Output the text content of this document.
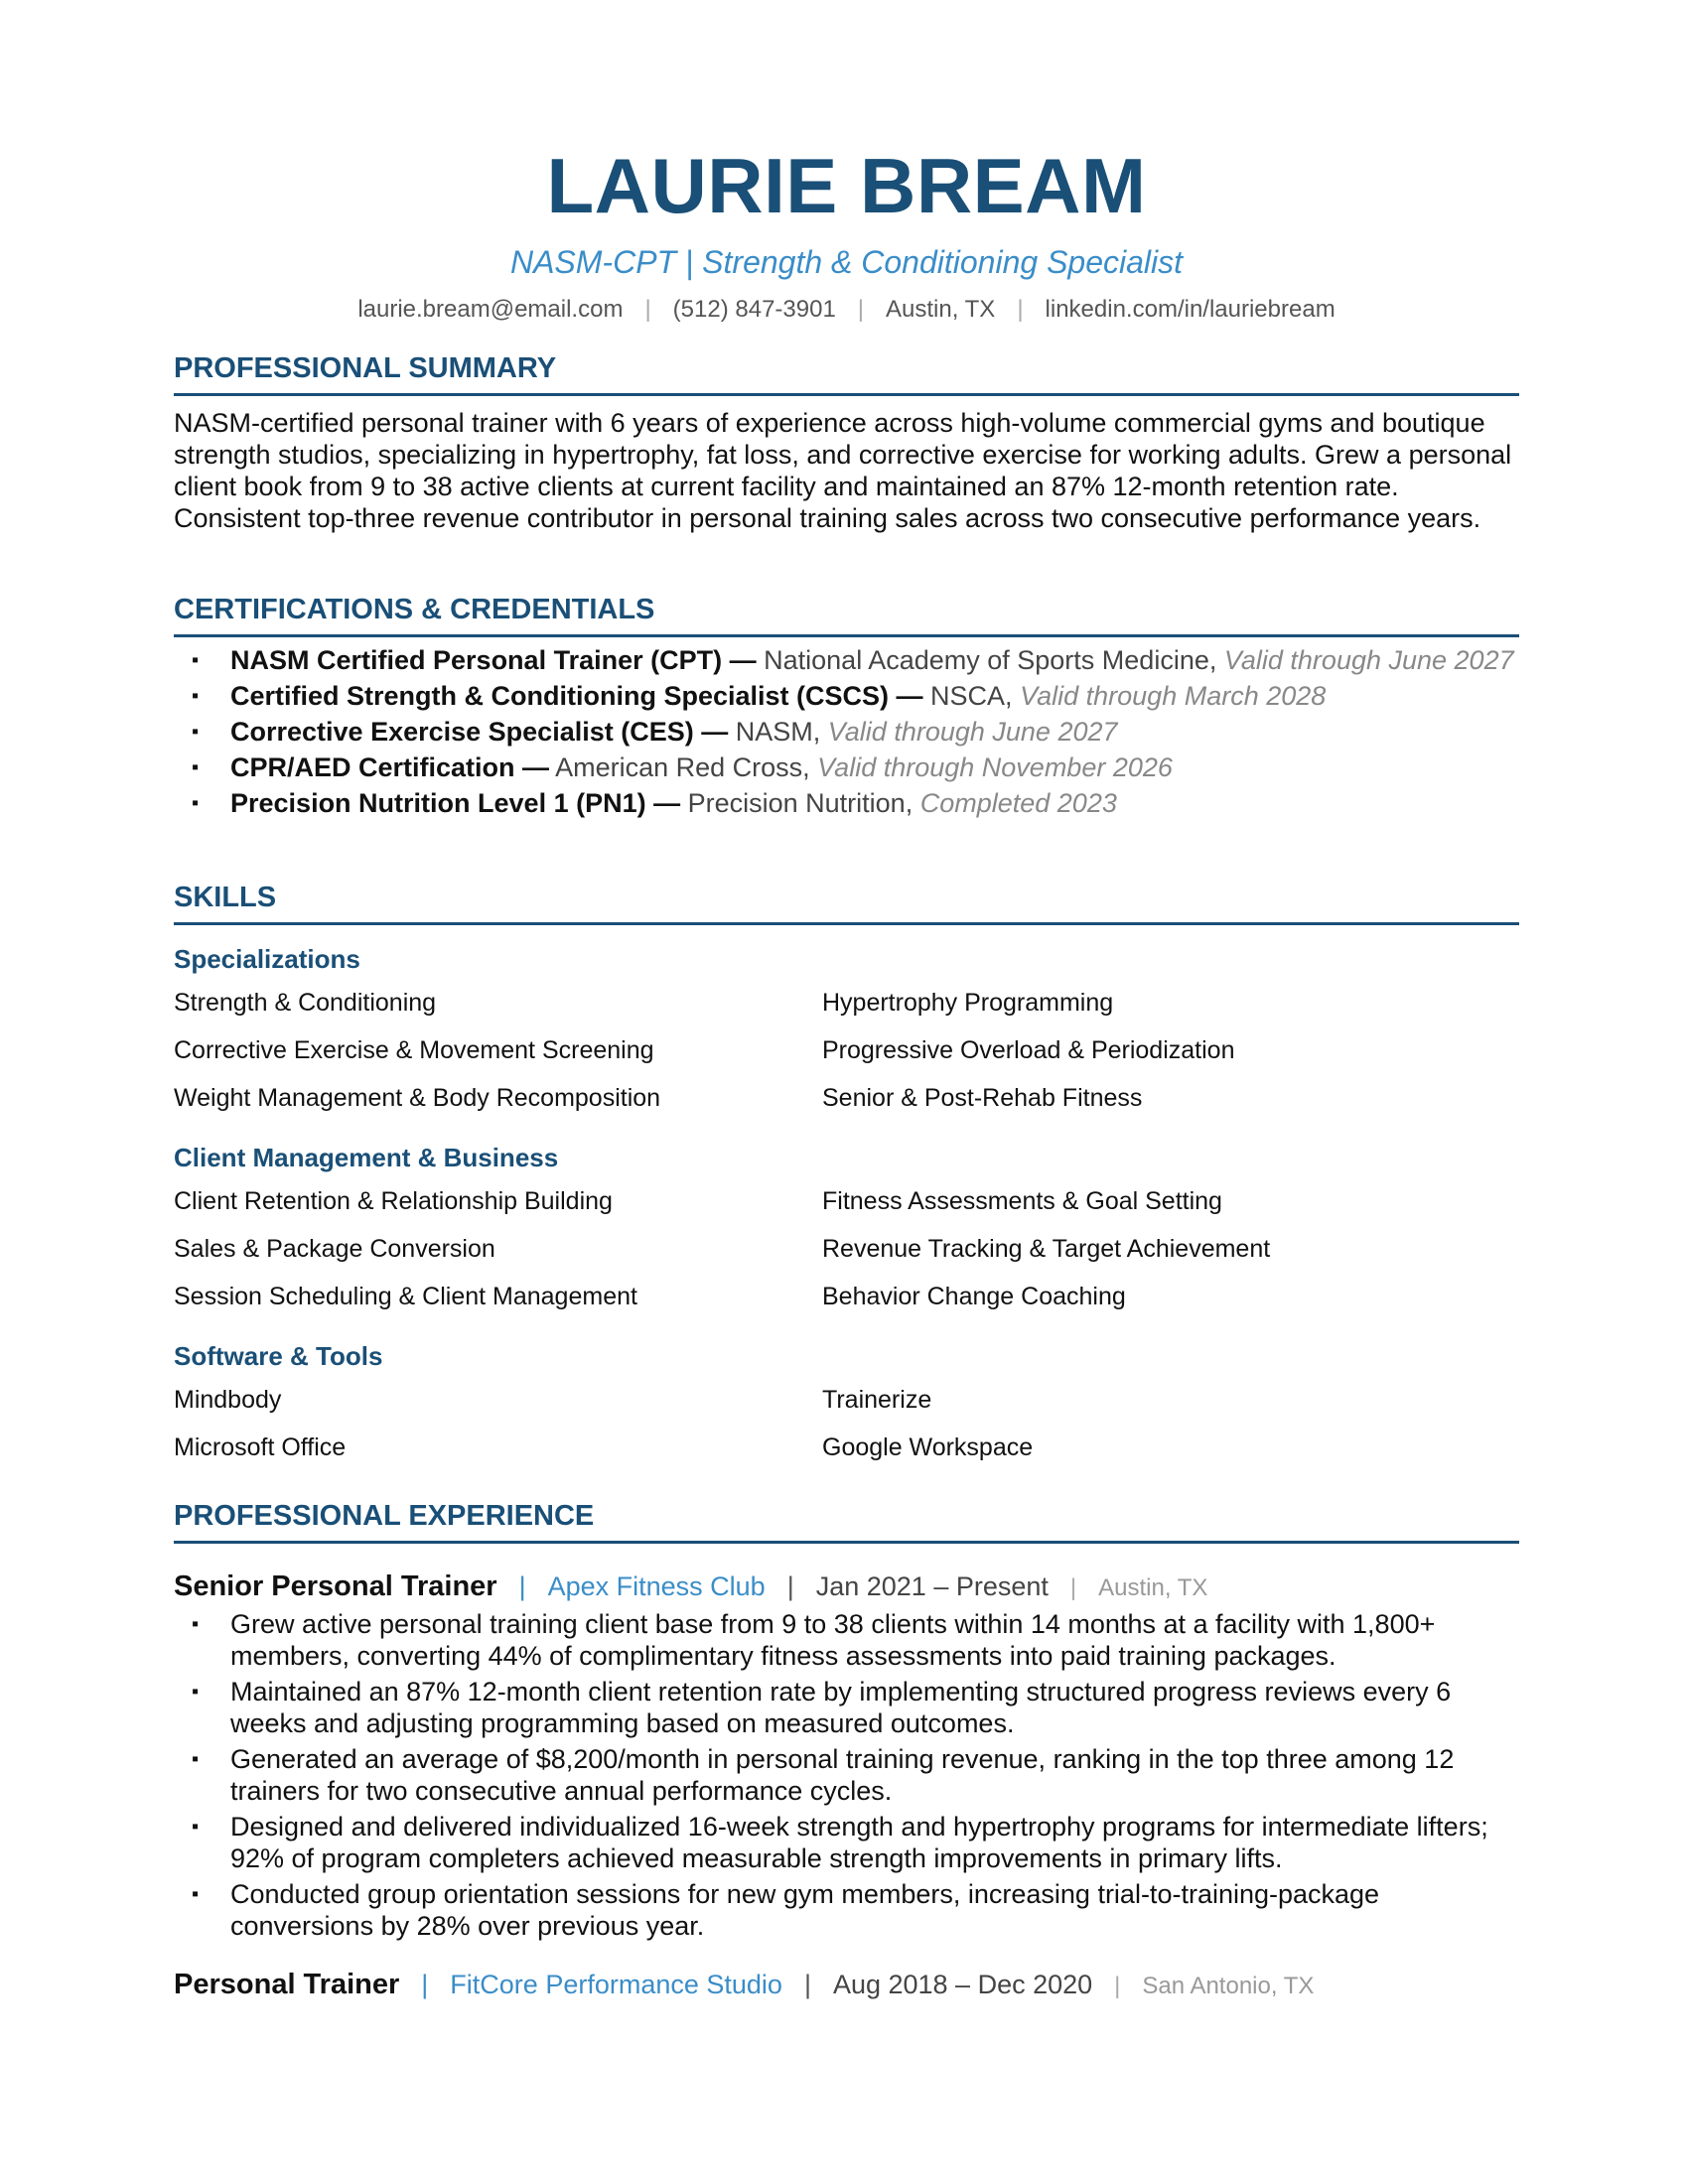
LAURIE BREAM
NASM-CPT | Strength & Conditioning Specialist
laurie.bream@email.com | (512) 847-3901 | Austin, TX | linkedin.com/in/lauriebream
PROFESSIONAL SUMMARY
NASM-certified personal trainer with 6 years of experience across high-volume commercial gyms and boutique strength studios, specializing in hypertrophy, fat loss, and corrective exercise for working adults. Grew a personal client book from 9 to 38 active clients at current facility and maintained an 87% 12-month retention rate. Consistent top-three revenue contributor in personal training sales across two consecutive performance years.
CERTIFICATIONS & CREDENTIALS
▪ NASM Certified Personal Trainer (CPT) — National Academy of Sports Medicine, Valid through June 2027
▪ Certified Strength & Conditioning Specialist (CSCS) — NSCA, Valid through March 2028
▪ Corrective Exercise Specialist (CES) — NASM, Valid through June 2027
▪ CPR/AED Certification — American Red Cross, Valid through November 2026
▪ Precision Nutrition Level 1 (PN1) — Precision Nutrition, Completed 2023
SKILLS
Specializations
Strength & Conditioning	Hypertrophy Programming
Corrective Exercise & Movement Screening	Progressive Overload & Periodization
Weight Management & Body Recomposition	Senior & Post-Rehab Fitness
Client Management & Business
Client Retention & Relationship Building	Fitness Assessments & Goal Setting
Sales & Package Conversion	Revenue Tracking & Target Achievement
Session Scheduling & Client Management	Behavior Change Coaching
Software & Tools
Mindbody	Trainerize
Microsoft Office	Google Workspace
PROFESSIONAL EXPERIENCE
Senior Personal Trainer | Apex Fitness Club | Jan 2021 – Present | Austin, TX
▪ Grew active personal training client base from 9 to 38 clients within 14 months at a facility with 1,800+ members, converting 44% of complimentary fitness assessments into paid training packages.
▪ Maintained an 87% 12-month client retention rate by implementing structured progress reviews every 6 weeks and adjusting programming based on measured outcomes.
▪ Generated an average of $8,200/month in personal training revenue, ranking in the top three among 12 trainers for two consecutive annual performance cycles.
▪ Designed and delivered individualized 16-week strength and hypertrophy programs for intermediate lifters; 92% of program completers achieved measurable strength improvements in primary lifts.
▪ Conducted group orientation sessions for new gym members, increasing trial-to-training-package conversions by 28% over previous year.
Personal Trainer | FitCore Performance Studio | Aug 2018 – Dec 2020 | San Antonio, TX
